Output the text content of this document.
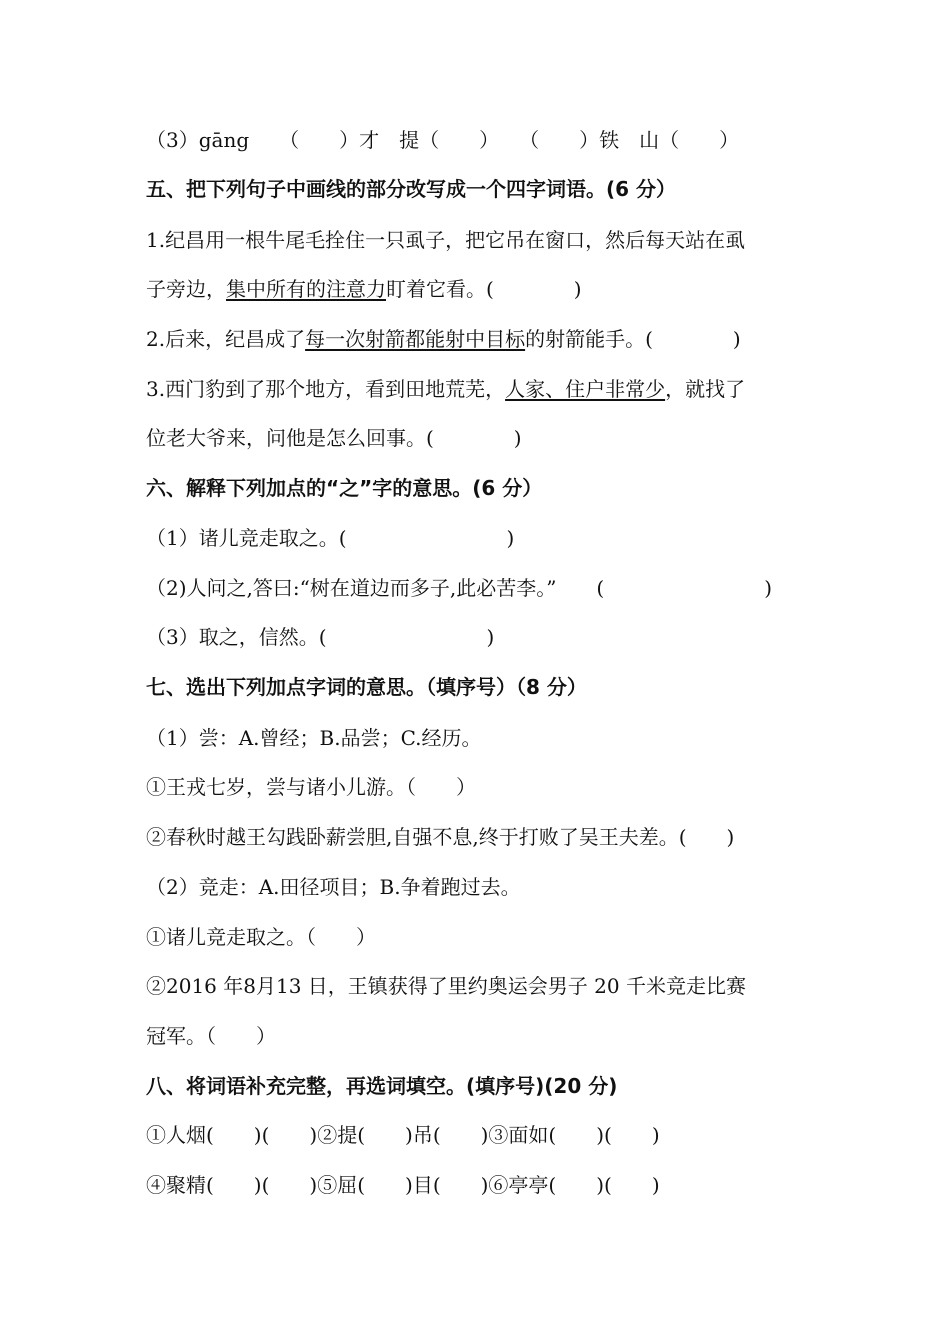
（3）gāng　　（　　）才　提（　　）　　（　　）铁　山（　　）
五、把下列句子中画线的部分改写成一个四字词语。(6 分）
1.纪昌用一根牛尾毛拴住一只虱子，把它吊在窗口，然后每天站在虱
子旁边，集中所有的注意力盯着它看。(　　　　)
2.后来，纪昌成了每一次射箭都能射中目标的射箭能手。(　　　　)
3.西门豹到了那个地方，看到田地荒芜，人家、住户非常少，就找了
位老大爷来，问他是怎么回事。(　　　　)
六、解释下列加点的“之”字的意思。(6 分）
（1）诸儿竞走取之。(　　　　　　　　)
（2)人问之,答曰:“树在道边而多子,此必苦李。”　　(　　　　　　　　)
（3）取之，信然。(　　　　　　　　)
七、选出下列加点字词的意思。（填序号）（8 分）
（1）尝：A.曾经；B.品尝；C.经历。
①王戎七岁，尝与诸小儿游。（　　）
②春秋时越王勾践卧薪尝胆,自强不息,终于打败了吴王夫差。(　　)
（2）竞走：A.田径项目；B.争着跑过去。
①诸儿竞走取之。（　　）
②2016 年8月13 日，王镇获得了里约奥运会男子 20 千米竞走比赛
冠军。（　　）
八、将词语补充完整，再选词填空。(填序号)(20 分)
①人烟(　　)(　　)②提(　　)吊(　　)③面如(　　)(　　)
④聚精(　　)(　　)⑤屈(　　)目(　　)⑥亭亭(　　)(　　)
